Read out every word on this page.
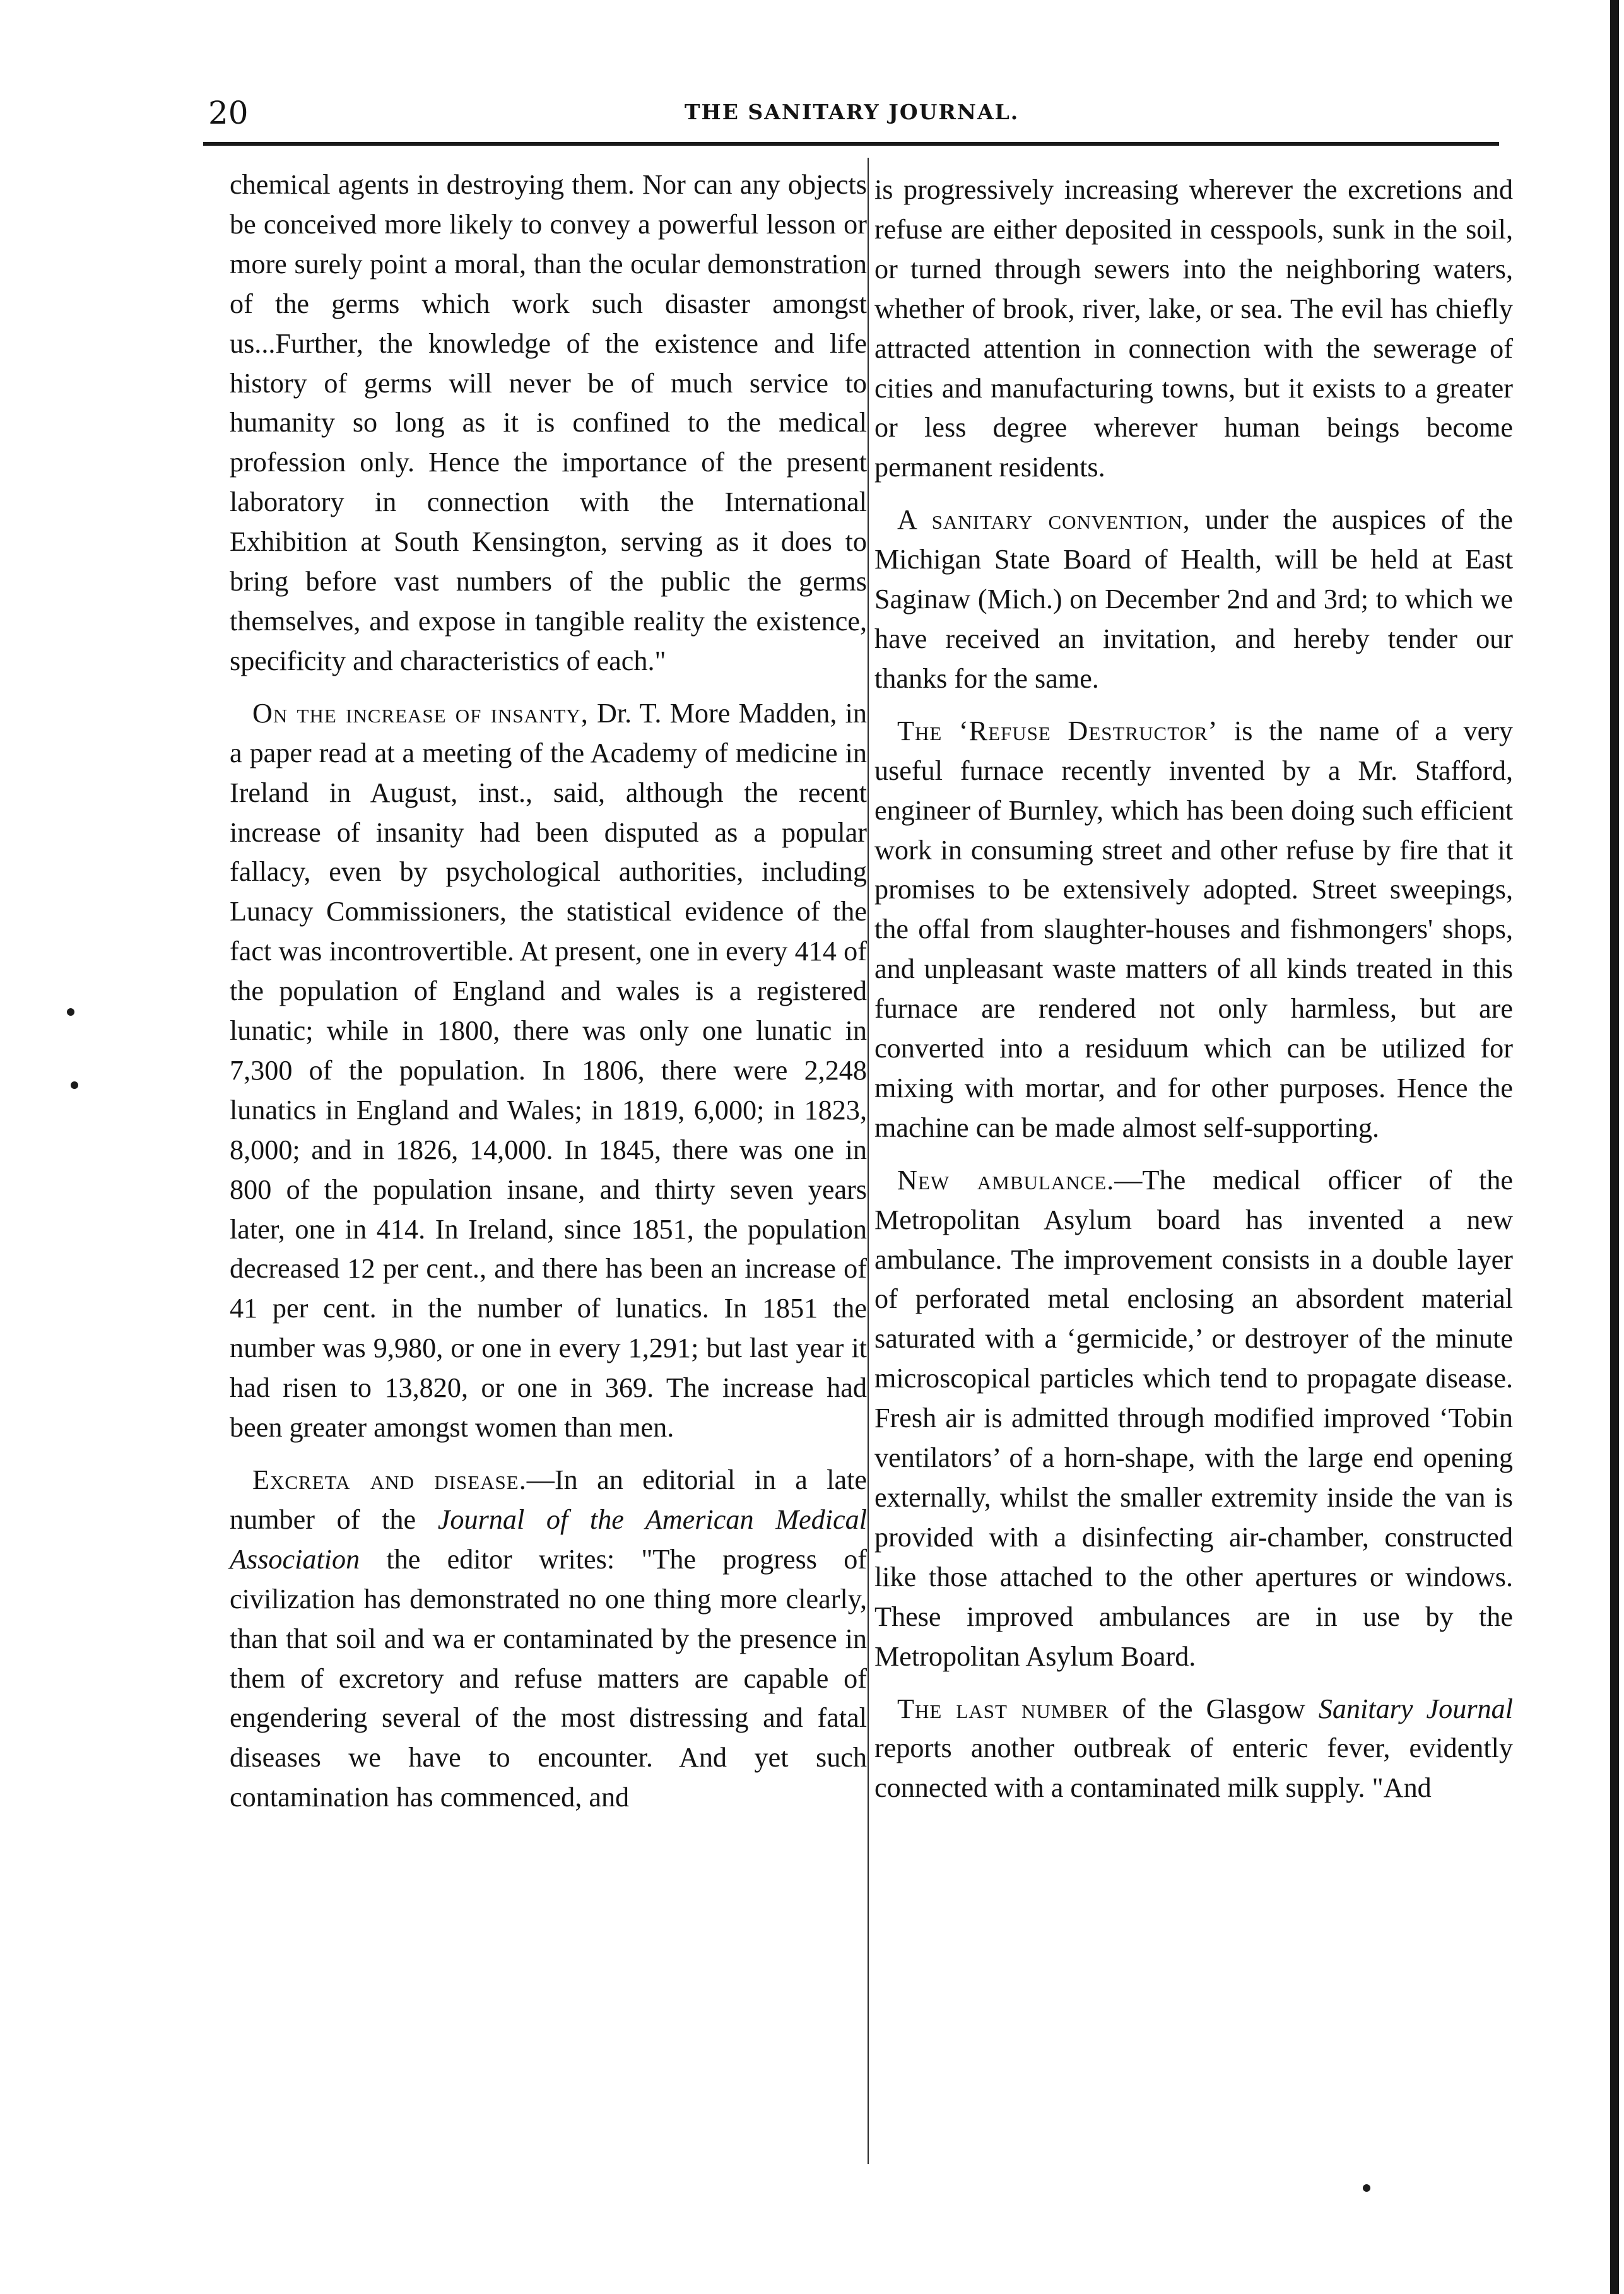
20	THE SANITARY JOURNAL.

chemical agents in destroying them. Nor can any objects be conceived more likely to convey a powerful lesson or more surely point a moral, than the ocular demonstration of the germs which work such disaster amongst us...Further, the knowledge of the existence and life history of germs will never be of much service to humanity so long as it is confined to the medical profession only. Hence the importance of the present laboratory in connection with the International Exhibition at South Kensington, serving as it does to bring before vast numbers of the public the germs themselves, and expose in tangible reality the existence, specificity and characteristics of each."

On the increase of insanty, Dr. T. More Madden, in a paper read at a meeting of the Academy of medicine in Ireland in August, inst., said, although the recent increase of insanity had been disputed as a popular fallacy, even by psychological authorities, including Lunacy Commissioners, the statistical evidence of the fact was incontrovertible. At present, one in every 414 of the population of England and wales is a registered lunatic; while in 1800, there was only one lunatic in 7,300 of the population. In 1806, there were 2,248 lunatics in England and Wales; in 1819, 6,000; in 1823, 8,000; and in 1826, 14,000. In 1845, there was one in 800 of the population insane, and thirty seven years later, one in 414. In Ireland, since 1851, the population decreased 12 per cent., and there has been an increase of 41 per cent. in the number of lunatics. In 1851 the number was 9,980, or one in every 1,291; but last year it had risen to 13,820, or one in 369. The increase had been greater amongst women than men.

Excreta and disease.—In an editorial in a late number of the Journal of the American Medical Association the editor writes: "The progress of civilization has demonstrated no one thing more clearly, than that soil and wa er contaminated by the presence in them of excretory and refuse matters are capable of engendering several of the most distressing and fatal diseases we have to encounter. And yet such contamination has commenced, and

is progressively increasing wherever the excretions and refuse are either deposited in cesspools, sunk in the soil, or turned through sewers into the neighboring waters, whether of brook, river, lake, or sea. The evil has chiefly attracted attention in connection with the sewerage of cities and manufacturing towns, but it exists to a greater or less degree wherever human beings become permanent residents.

A sanitary convention, under the auspices of the Michigan State Board of Health, will be held at East Saginaw (Mich.) on December 2nd and 3rd; to which we have received an invitation, and hereby tender our thanks for the same.

The ‘Refuse Destructor’ is the name of a very useful furnace recently invented by a Mr. Stafford, engineer of Burnley, which has been doing such efficient work in consuming street and other refuse by fire that it promises to be extensively adopted. Street sweepings, the offal from slaughter-houses and fishmongers' shops, and unpleasant waste matters of all kinds treated in this furnace are rendered not only harmless, but are converted into a residuum which can be utilized for mixing with mortar, and for other purposes. Hence the machine can be made almost self-supporting.

New ambulance.—The medical officer of the Metropolitan Asylum board has invented a new ambulance. The improvement consists in a double layer of perforated metal enclosing an absordent material saturated with a ‘germicide,’ or destroyer of the minute microscopical particles which tend to propagate disease. Fresh air is admitted through modified improved ‘Tobin ventilators’ of a horn-shape, with the large end opening externally, whilst the smaller extremity inside the van is provided with a disinfecting air-chamber, constructed like those attached to the other apertures or windows. These improved ambulances are in use by the Metropolitan Asylum Board.

The last number of the Glasgow Sanitary Journal reports another outbreak of enteric fever, evidently connected with a contaminated milk supply. "And
